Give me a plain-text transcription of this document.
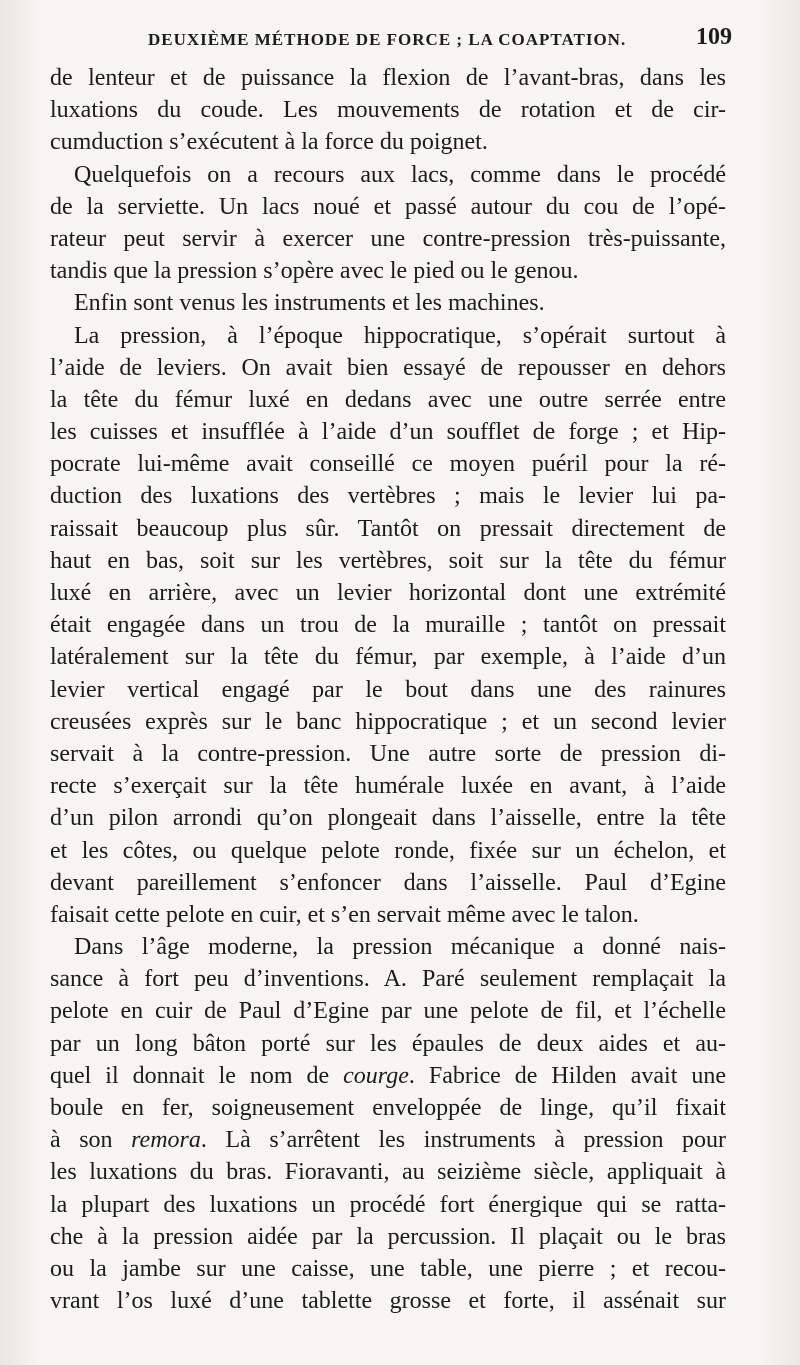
DEUXIÈME MÉTHODE DE FORCE ; LA COAPTATION.	109
de lenteur et de puissance la flexion de l’avant-bras, dans les
luxations du coude. Les mouvements de rotation et de cir-
cumduction s’exécutent à la force du poignet.
Quelquefois on a recours aux lacs, comme dans le procédé
de la serviette. Un lacs noué et passé autour du cou de l’opé-
rateur peut servir à exercer une contre-pression très-puissante,
tandis que la pression s’opère avec le pied ou le genou.
Enfin sont venus les instruments et les machines.
La pression, à l’époque hippocratique, s’opérait surtout à
l’aide de leviers. On avait bien essayé de repousser en dehors
la tête du fémur luxé en dedans avec une outre serrée entre
les cuisses et insufflée à l’aide d’un soufflet de forge ; et Hip-
pocrate lui-même avait conseillé ce moyen puéril pour la ré-
duction des luxations des vertèbres ; mais le levier lui pa-
raissait beaucoup plus sûr. Tantôt on pressait directement de
haut en bas, soit sur les vertèbres, soit sur la tête du fémur
luxé en arrière, avec un levier horizontal dont une extrémité
était engagée dans un trou de la muraille ; tantôt on pressait
latéralement sur la tête du fémur, par exemple, à l’aide d’un
levier vertical engagé par le bout dans une des rainures
creusées exprès sur le banc hippocratique ; et un second levier
servait à la contre-pression. Une autre sorte de pression di-
recte s’exerçait sur la tête humérale luxée en avant, à l’aide
d’un pilon arrondi qu’on plongeait dans l’aisselle, entre la tête
et les côtes, ou quelque pelote ronde, fixée sur un échelon, et
devant pareillement s’enfoncer dans l’aisselle. Paul d’Egine
faisait cette pelote en cuir, et s’en servait même avec le talon.
Dans l’âge moderne, la pression mécanique a donné nais-
sance à fort peu d’inventions. A. Paré seulement remplaçait la
pelote en cuir de Paul d’Egine par une pelote de fil, et l’échelle
par un long bâton porté sur les épaules de deux aides et au-
quel il donnait le nom de courge. Fabrice de Hilden avait une
boule en fer, soigneusement enveloppée de linge, qu’il fixait
à son remora. Là s’arrêtent les instruments à pression pour
les luxations du bras. Fioravanti, au seizième siècle, appliquait à
la plupart des luxations un procédé fort énergique qui se ratta-
che à la pression aidée par la percussion. Il plaçait ou le bras
ou la jambe sur une caisse, une table, une pierre ; et recou-
vrant l’os luxé d’une tablette grosse et forte, il assénait sur
